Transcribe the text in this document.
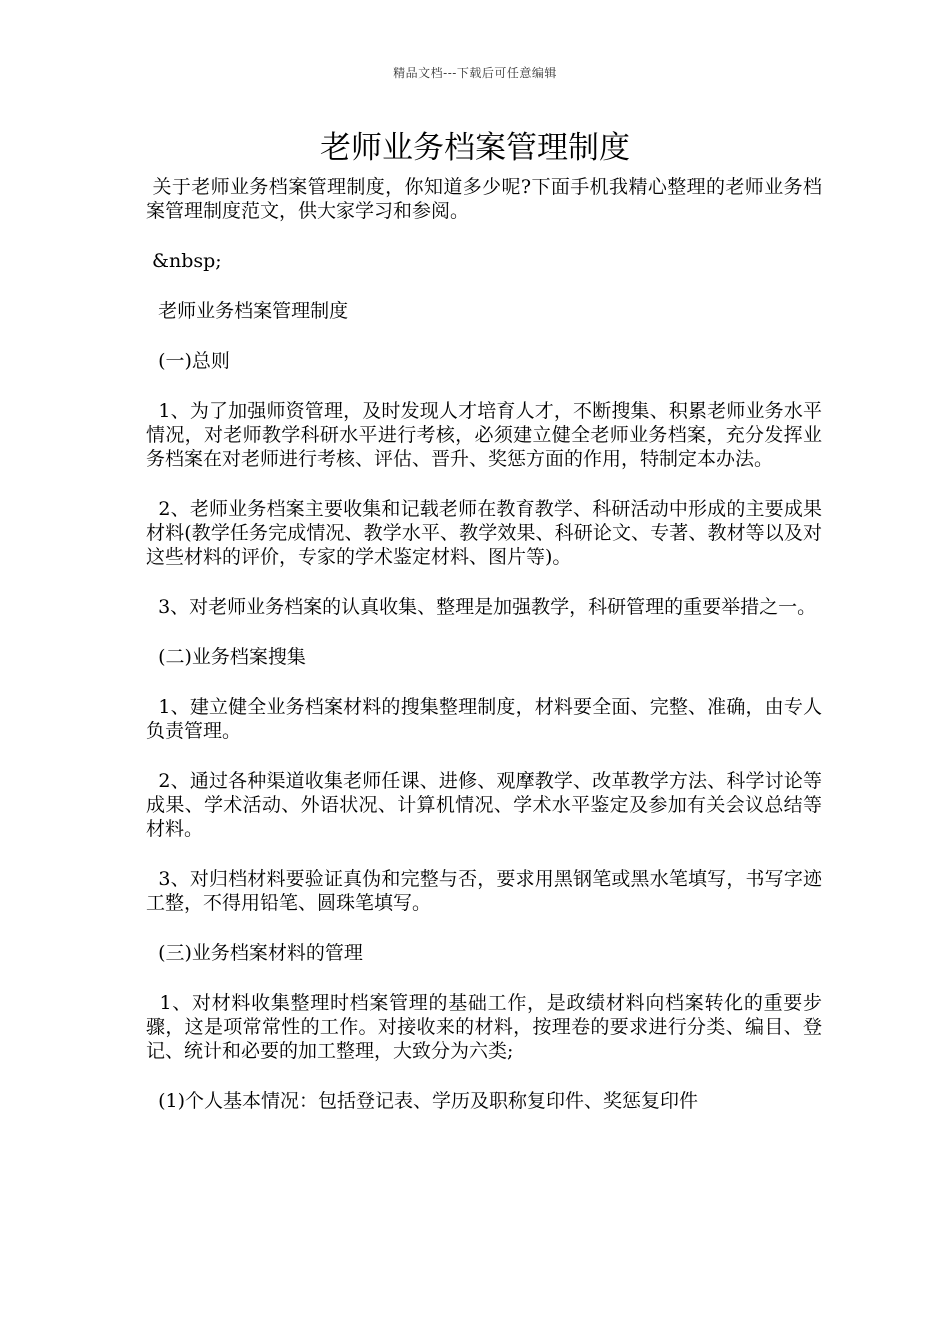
精品文档---下载后可任意编辑
老师业务档案管理制度

关于老师业务档案管理制度，你知道多少呢?下面手机我精心整理的老师业务档案管理制度范文，供大家学习和参阅。

&nbsp;

老师业务档案管理制度

(一)总则

1、为了加强师资管理，及时发现人才培育人才，不断搜集、积累老师业务水平情况，对老师教学科研水平进行考核，必须建立健全老师业务档案，充分发挥业务档案在对老师进行考核、评估、晋升、奖惩方面的作用，特制定本办法。

2、老师业务档案主要收集和记载老师在教育教学、科研活动中形成的主要成果材料(教学任务完成情况、教学水平、教学效果、科研论文、专著、教材等以及对这些材料的评价，专家的学术鉴定材料、图片等)。

3、对老师业务档案的认真收集、整理是加强教学，科研管理的重要举措之一。

(二)业务档案搜集

1、建立健全业务档案材料的搜集整理制度，材料要全面、完整、准确，由专人负责管理。

2、通过各种渠道收集老师任课、进修、观摩教学、改革教学方法、科学讨论等成果、学术活动、外语状况、计算机情况、学术水平鉴定及参加有关会议总结等材料。

3、对归档材料要验证真伪和完整与否，要求用黑钢笔或黑水笔填写，书写字迹工整，不得用铅笔、圆珠笔填写。

(三)业务档案材料的管理

1、对材料收集整理时档案管理的基础工作，是政绩材料向档案转化的重要步骤，这是项常常性的工作。对接收来的材料，按理卷的要求进行分类、编目、登记、统计和必要的加工整理，大致分为六类;

(1)个人基本情况：包括登记表、学历及职称复印件、奖惩复印件
